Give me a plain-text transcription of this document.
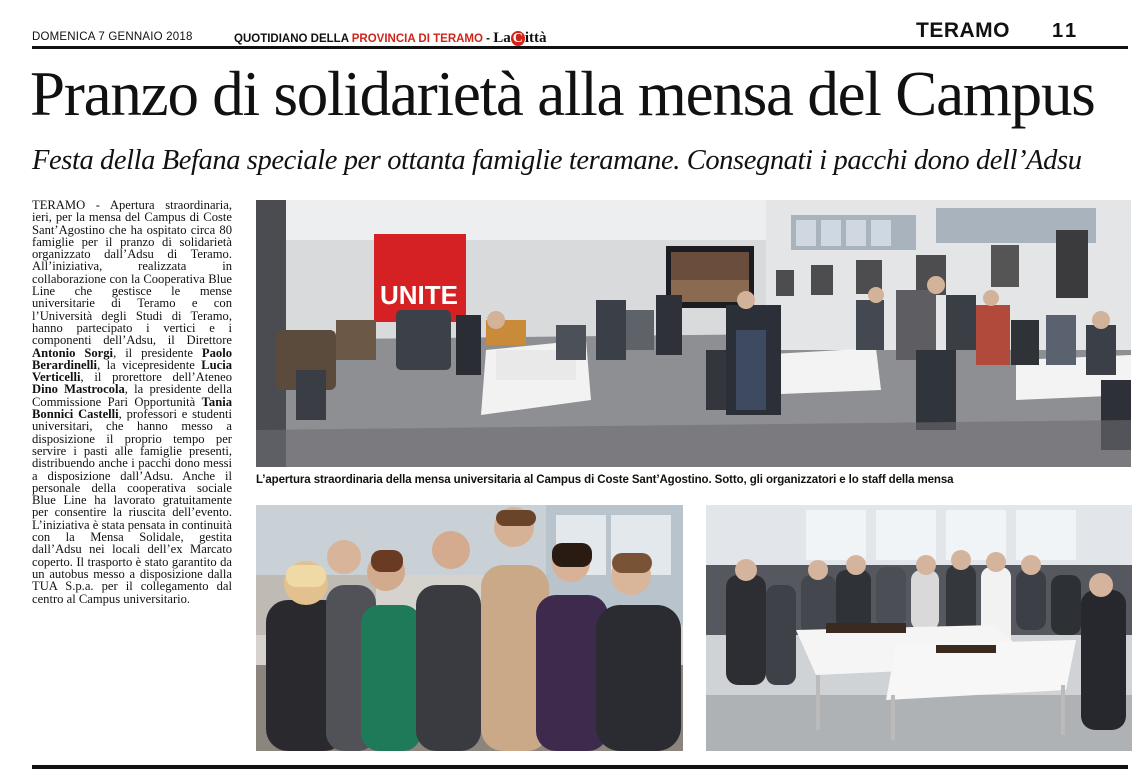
DOMENICA 7 GENNAIO 2018	QUOTIDIANO DELLA PROVINCIA DI TERAMO - La C ittà	TERAMO 11
Pranzo di solidarietà alla mensa del Campus
Festa della Befana speciale per ottanta famiglie teramane. Consegnati i pacchi dono dell’Adsu
TERAMO - Apertura straordinaria, ieri, per la mensa del Campus di Coste Sant’Agostino che ha ospitato circa 80 famiglie per il pranzo di solidarietà organizzato dall’Adsu di Teramo. All’iniziativa, realizzata in collaborazione con la Cooperativa Blue Line che gestisce le mense universitarie di Teramo e con l’Università degli Studi di Teramo, hanno partecipato i vertici e i componenti dell’Adsu, il Direttore Antonio Sorgi, il presidente Paolo Berardinelli, la vicepresidente Lucia Verticelli, il prorettore dell’Ateneo Dino Mastrocola, la presidente della Commissione Pari Opportunità Tania Bonnici Castelli, professori e studenti universitari, che hanno messo a disposizione il proprio tempo per servire i pasti alle famiglie presenti, distribuendo anche i pacchi dono messi a disposizione dall’Adsu. Anche il personale della cooperativa sociale Blue Line ha lavorato gratuitamente per consentire la riuscita dell’evento. L’iniziativa è stata pensata in continuità con la Mensa Solidale, gestita dall’Adsu nei locali dell’ex Marcato coperto. Il trasporto è stato garantito da un autobus messo a disposizione dalla TUA S.p.a. per il collegamento dal centro al Campus universitario.
UNITE
L’apertura straordinaria della mensa universitaria al Campus di Coste Sant’Agostino. Sotto, gli organizzatori e lo staff della mensa
